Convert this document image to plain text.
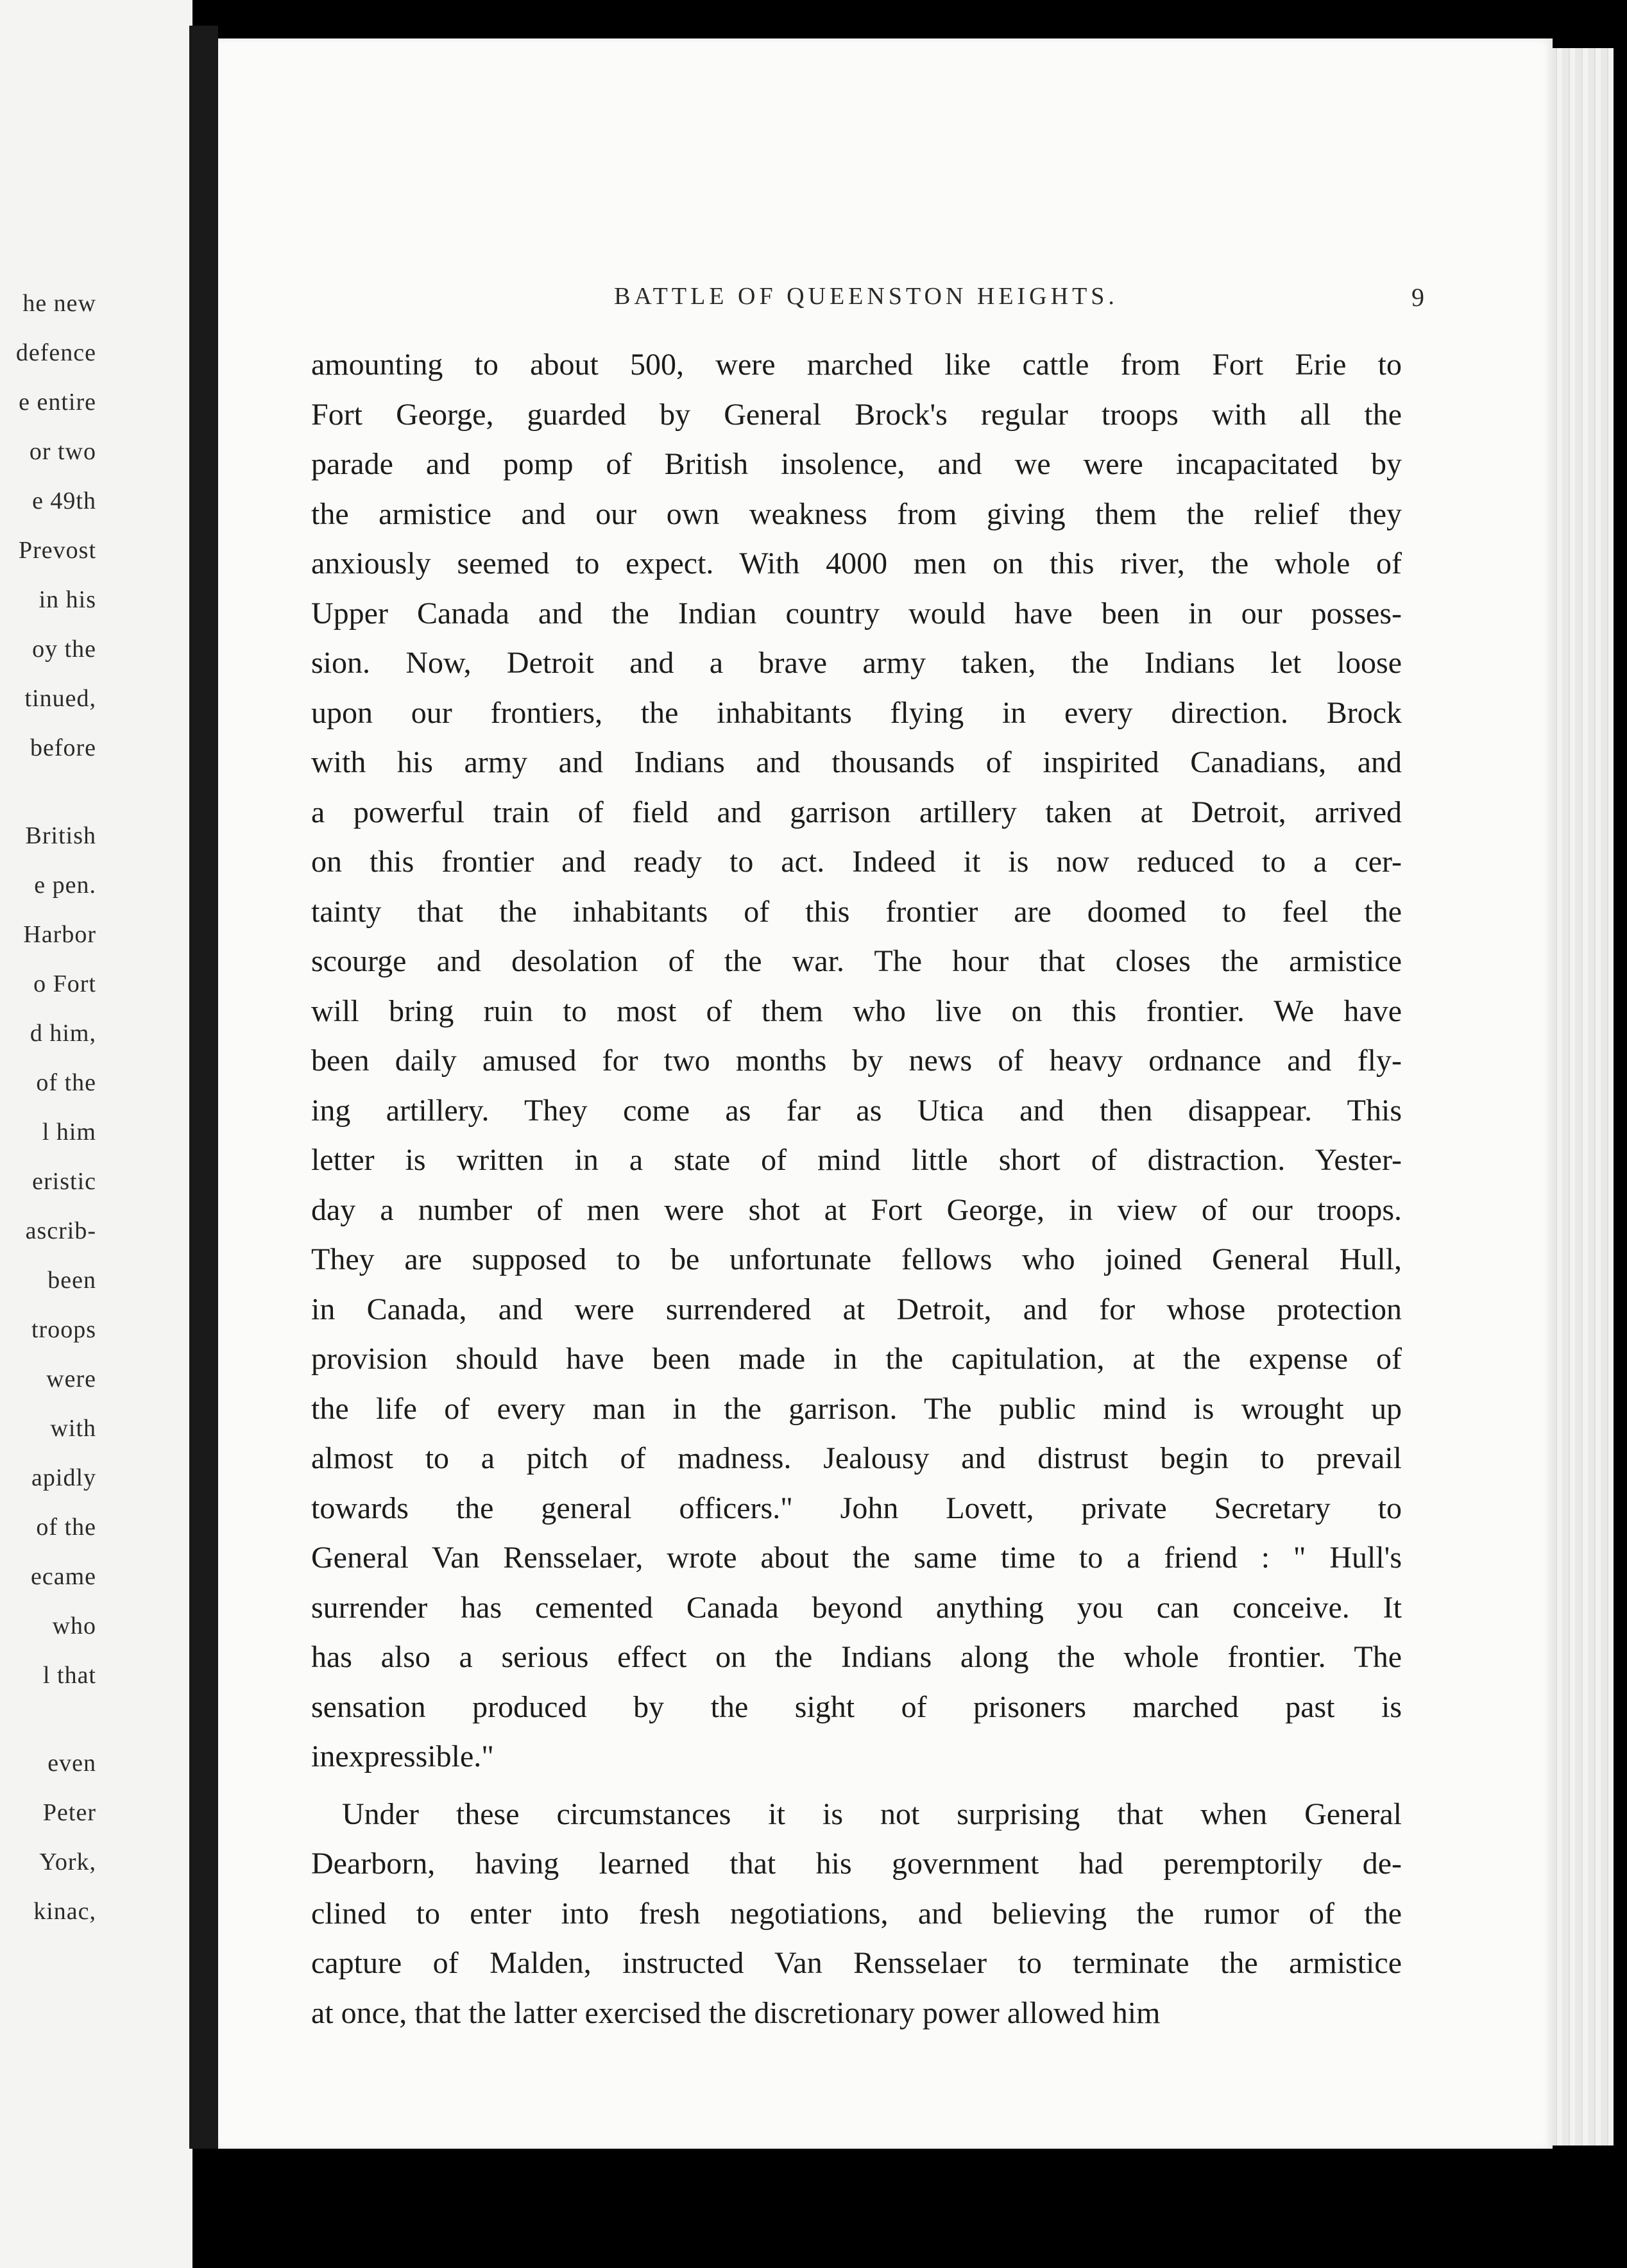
he new
defence
e entire
or two
e 49th
Prevost
in his
oy the
tinued,
before
British
e pen.
Harbor
o Fort
d him,
of the
l him
eristic
ascrib-
been
troops
were
with
apidly
of the
ecame
who
l that
even
Peter
York,
kinac,
BATTLE OF QUEENSTON HEIGHTS.	9
amounting to about 500, were marched like cattle from Fort Erie to
Fort George, guarded by General Brock's regular troops with all the
parade and pomp of British insolence, and we were incapacitated by
the armistice and our own weakness from giving them the relief they
anxiously seemed to expect. With 4000 men on this river, the whole of
Upper Canada and the Indian country would have been in our posses-
sion. Now, Detroit and a brave army taken, the Indians let loose
upon our frontiers, the inhabitants flying in every direction. Brock
with his army and Indians and thousands of inspirited Canadians, and
a powerful train of field and garrison artillery taken at Detroit, arrived
on this frontier and ready to act. Indeed it is now reduced to a cer-
tainty that the inhabitants of this frontier are doomed to feel the
scourge and desolation of the war. The hour that closes the armistice
will bring ruin to most of them who live on this frontier. We have
been daily amused for two months by news of heavy ordnance and fly-
ing artillery. They come as far as Utica and then disappear. This
letter is written in a state of mind little short of distraction. Yester-
day a number of men were shot at Fort George, in view of our troops.
They are supposed to be unfortunate fellows who joined General Hull,
in Canada, and were surrendered at Detroit, and for whose protection
provision should have been made in the capitulation, at the expense of
the life of every man in the garrison. The public mind is wrought up
almost to a pitch of madness. Jealousy and distrust begin to prevail
towards the general officers." John Lovett, private Secretary to
General Van Rensselaer, wrote about the same time to a friend : " Hull's
surrender has cemented Canada beyond anything you can conceive. It
has also a serious effect on the Indians along the whole frontier. The
sensation produced by the sight of prisoners marched past is
inexpressible."
Under these circumstances it is not surprising that when General
Dearborn, having learned that his government had peremptorily de-
clined to enter into fresh negotiations, and believing the rumor of the
capture of Malden, instructed Van Rensselaer to terminate the armistice
at once, that the latter exercised the discretionary power allowed him
